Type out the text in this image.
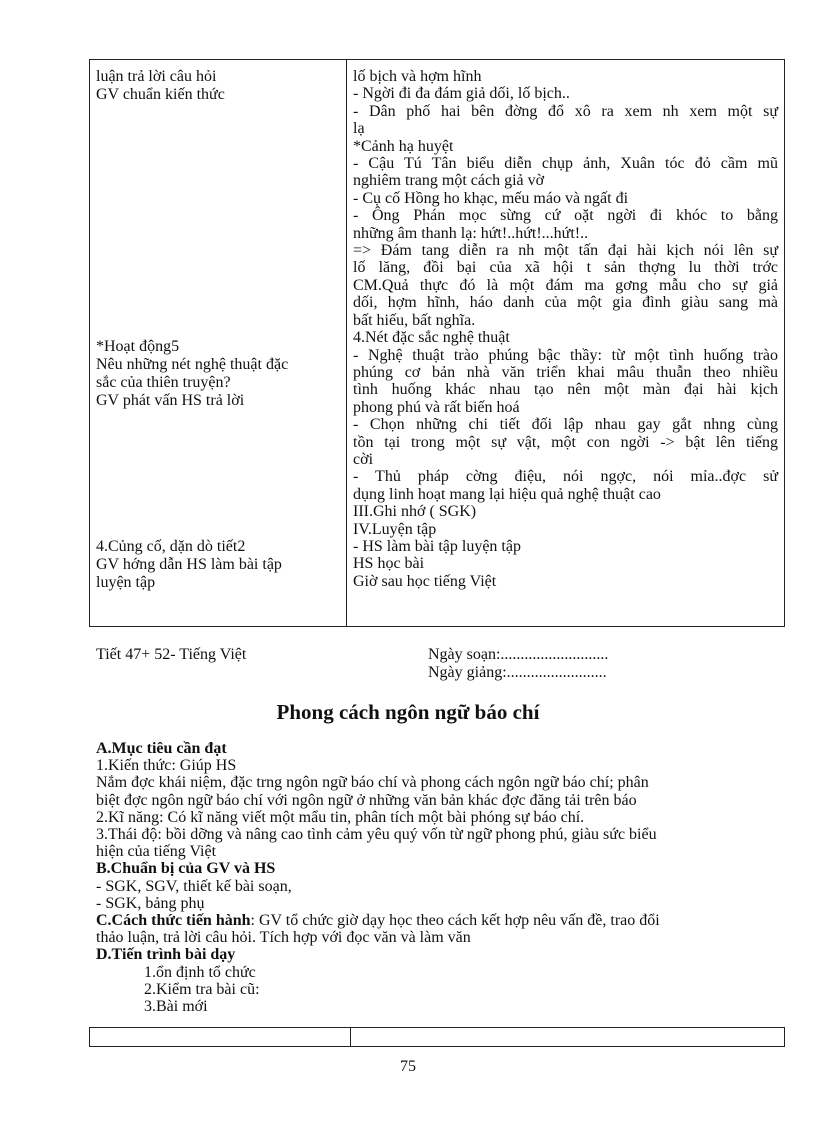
luận trả lời câu hỏi
GV chuẩn kiến thức
*Hoạt động5
Nêu những nét nghệ thuật đặc
sắc của thiên truyện?
GV phát vấn HS trả lời
4.Củng cố, dặn dò tiết2
GV hớng dẫn HS làm bài tập
luyện tập
lố bịch và hợm hĩnh
- Ngời đi đa đám giả dối, lố bịch..
- Dân phố hai bên đờng đổ xô ra xem nh xem một sự
lạ
*Cảnh hạ huyệt
- Cậu Tú Tân biểu diễn chụp ảnh, Xuân tóc đỏ cầm mũ
nghiêm trang một cách giả vờ
- Cụ cố Hồng ho khạc, mếu máo và ngất đi
- Ông Phán mọc sừng cứ oặt ngời đi khóc to bằng
những âm thanh lạ: hứt!..hứt!...hứt!..
=> Đám tang diễn ra nh một tấn đại hài kịch nói lên sự
lố lăng, đồi bại của xã hội t sản thợng lu thời trớc
CM.Quả thực đó là một đám ma gơng mẫu cho sự giả
dối, hợm hĩnh, háo danh của một gia đình giàu sang mà
bất hiếu, bất nghĩa.
4.Nét đặc sắc nghệ thuật
- Nghệ thuật trào phúng bậc thầy: từ một tình huống trào
phúng cơ bản nhà văn triển khai mâu thuẫn theo nhiều
tình huống khác nhau tạo nên một màn đại hài kịch
phong phú và rất biến hoá
- Chọn những chi tiết đối lập nhau gay gắt nhng cùng
tồn tại trong một sự vật, một con ngời -> bật lên tiếng
cời
- Thủ pháp cờng điệu, nói ngợc, nói mỉa..đợc sử
dụng linh hoạt mang lại hiệu quả nghệ thuật cao
III.Ghi nhớ ( SGK)
IV.Luyện tập
- HS làm bài tập luyện tập
HS học bài
Giờ sau học tiếng Việt
Tiết 47+ 52- Tiếng Việt	Ngày soạn:...........................
Ngày giảng:.........................
Phong cách ngôn ngữ báo chí
A.Mục tiêu cần đạt
1.Kiến thức: Giúp HS
Nắm đợc khái niệm, đặc trng ngôn ngữ báo chí và phong cách ngôn ngữ báo chí; phân
biệt đợc ngôn ngữ báo chí với ngôn ngữ ở những văn bản khác đợc đăng tải trên báo
2.Kĩ năng: Có kĩ năng viết một mẩu tin, phân tích một bài phóng sự báo chí.
3.Thái độ: bồi dỡng và nâng cao tình cảm yêu quý vốn từ ngữ phong phú, giàu sức biểu
hiện của tiếng Việt
B.Chuẩn bị của GV và HS
- SGK, SGV, thiết kế bài soạn,
- SGK, bảng phụ
C.Cách thức tiến hành: GV tổ chức giờ dạy học theo cách kết hợp nêu vấn đề, trao đổi
thảo luận, trả lời câu hỏi. Tích hợp với đọc văn và làm văn
D.Tiến trình bài dạy
1.ổn định tổ chức
2.Kiểm tra bài cũ:
3.Bài mới
75
